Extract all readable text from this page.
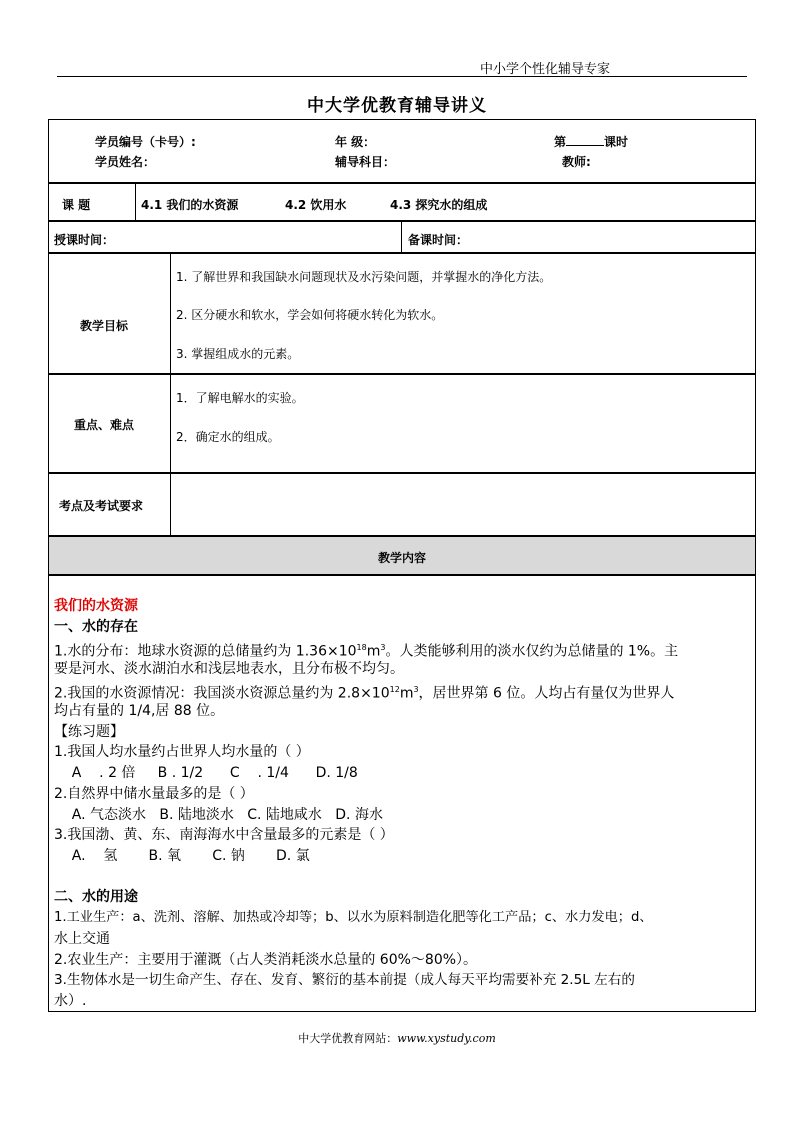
中小学个性化辅导专家
中大学优教育辅导讲义
学员编号（卡号）:	年 级：	第	课时
学员姓名：	辅导科目：	教师:
课 题	4.1 我们的水资源	4.2 饮用水	4.3 探究水的组成
授课时间：	备课时间：
教学目标
1. 了解世界和我国缺水问题现状及水污染问题，并掌握水的净化方法。
2. 区分硬水和软水，学会如何将硬水转化为软水。
3. 掌握组成水的元素。
重点、难点
1．了解电解水的实验。
2．确定水的组成。
考点及考试要求
教学内容
我们的水资源
一、水的存在
1.水的分布：地球水资源的总储量约为 $1.36\times 10^{18}m^3$。人类能够利用的淡水仅约为总储量的 1%。主
要是河水、淡水湖泊水和浅层地表水，且分布极不均匀。
2.我国的水资源情况：我国淡水资源总量约为 $2.8\times 10^{12}m^3$，居世界第 6 位。人均占有量仅为世界人
均占有量的 1/4,居 88 位。
【练习题】
1.我国人均水量约占世界人均水量的（ ）
A    . 2 倍     B . 1/2      C    . 1/4      D. 1/8
2.自然界中储水量最多的是（ ）
A. 气态淡水   B. 陆地淡水   C. 陆地咸水   D. 海水
3.我国渤、黄、东、南海海水中含量最多的元素是（ ）
A.    氢       B. 氧       C. 钠       D. 氯
二、水的用途
1.工业生产：a、洗剂、溶解、加热或冷却等；b、以水为原料制造化肥等化工产品；c、水力发电；d、
水上交通
2.农业生产：主要用于灌溉（占人类消耗淡水总量的 60%～80%）。
3.生物体水是一切生命产生、存在、发育、繁衍的基本前提（成人每天平均需要补充 2.5L 左右的
水）.
中大学优教育网站：www.xystudy.com
